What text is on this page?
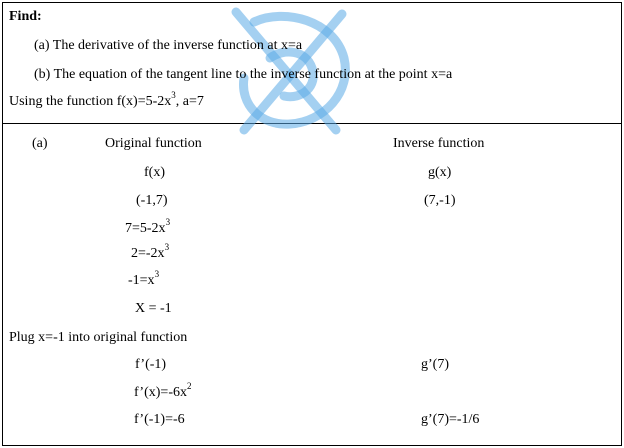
Find:
(a) The derivative of the inverse function at x=a
(b) The equation of the tangent line to the inverse function at the point x=a
Using the function $f(x)=5-2x^3$, a=7
(a)	Original function	Inverse function
f(x)	g(x)
(-1,7)	(7,-1)
$7=5-2x^3$
$2=-2x^3$
$-1=x^3$
X = -1
Plug x=-1 into original function
f’(-1)	g’(7)
$f’(x)=-6x^2$
f’(-1)=-6	g’(7)=-1/6
